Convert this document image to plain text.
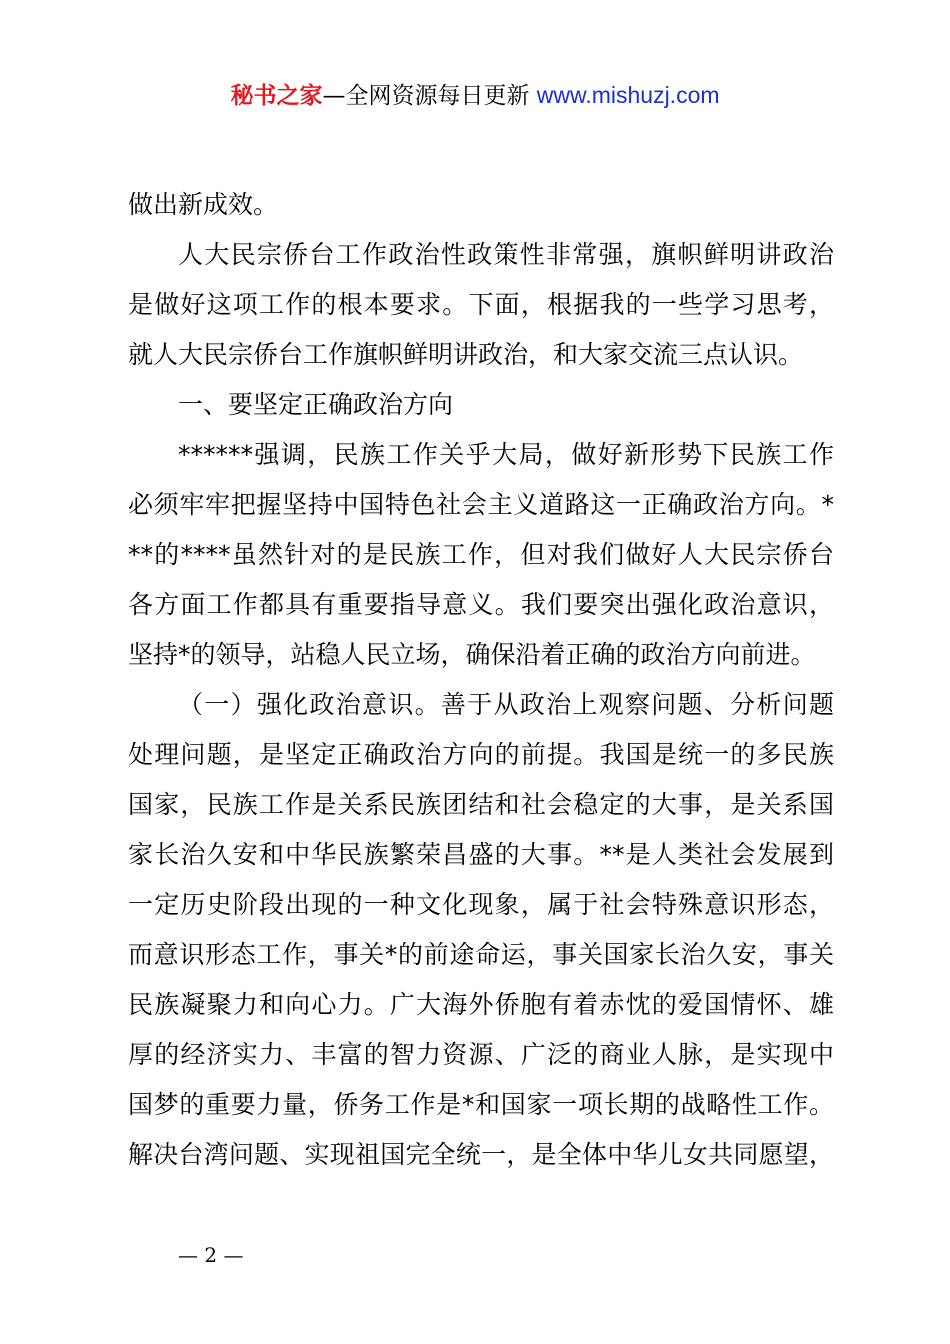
秘书之家—全网资源每日更新 www.mishuzj.com
做出新成效。
人大民宗侨台工作政治性政策性非常强，旗帜鲜明讲政治
是做好这项工作的根本要求。下面，根据我的一些学习思考，
就人大民宗侨台工作旗帜鲜明讲政治，和大家交流三点认识。
一、要坚定正确政治方向
******强调，民族工作关乎大局，做好新形势下民族工作
必须牢牢把握坚持中国特色社会主义道路这一正确政治方向。*
**的****虽然针对的是民族工作，但对我们做好人大民宗侨台
各方面工作都具有重要指导意义。我们要突出强化政治意识，
坚持*的领导，站稳人民立场，确保沿着正确的政治方向前进。
（一）强化政治意识。善于从政治上观察问题、分析问题
处理问题，是坚定正确政治方向的前提。我国是统一的多民族
国家，民族工作是关系民族团结和社会稳定的大事，是关系国
家长治久安和中华民族繁荣昌盛的大事。**是人类社会发展到
一定历史阶段出现的一种文化现象，属于社会特殊意识形态，
而意识形态工作，事关*的前途命运，事关国家长治久安，事关
民族凝聚力和向心力。广大海外侨胞有着赤忱的爱国情怀、雄
厚的经济实力、丰富的智力资源、广泛的商业人脉，是实现中
国梦的重要力量，侨务工作是*和国家一项长期的战略性工作。
解决台湾问题、实现祖国完全统一，是全体中华儿女共同愿望，
— 2 —
